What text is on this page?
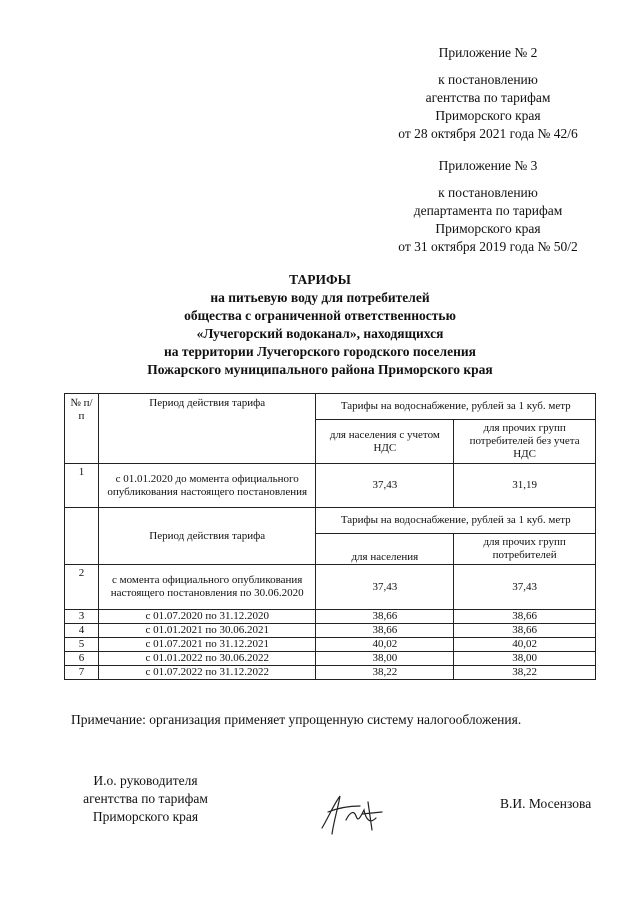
Приложение № 2
к постановлению
агентства по тарифам
Приморского края
от 28 октября 2021 года № 42/6
Приложение № 3
к постановлению
департамента по тарифам
Приморского края
от 31 октября 2019 года № 50/2
ТАРИФЫ
на питьевую воду для потребителей
общества с ограниченной ответственностью
«Лучегорский водоканал», находящихся
на территории Лучегорского городского поселения
Пожарского муниципального района Приморского края
№ п/п	Период действия тарифа	Тарифы на водоснабжение, рублей за 1 куб. метр	
		для населения с учетом НДС	для прочих групп потребителей без учета НДС
1	с 01.01.2020 до момента официального опубликования настоящего постановления	37,43	31,19
	Период действия тарифа	Тарифы на водоснабжение, рублей за 1 куб. метр	
		для населения	для прочих групп потребителей
2	с момента официального опубликования настоящего постановления по 30.06.2020	37,43	37,43
3	с 01.07.2020 по 31.12.2020	38,66	38,66
4	с 01.01.2021 по 30.06.2021	38,66	38,66
5	с 01.07.2021 по 31.12.2021	40,02	40,02
6	с 01.01.2022 по 30.06.2022	38,00	38,00
7	с 01.07.2022 по 31.12.2022	38,22	38,22
Примечание: организация применяет упрощенную систему налогообложения.
И.о. руководителя
агентства по тарифам
Приморского края
В.И. Мосензова
